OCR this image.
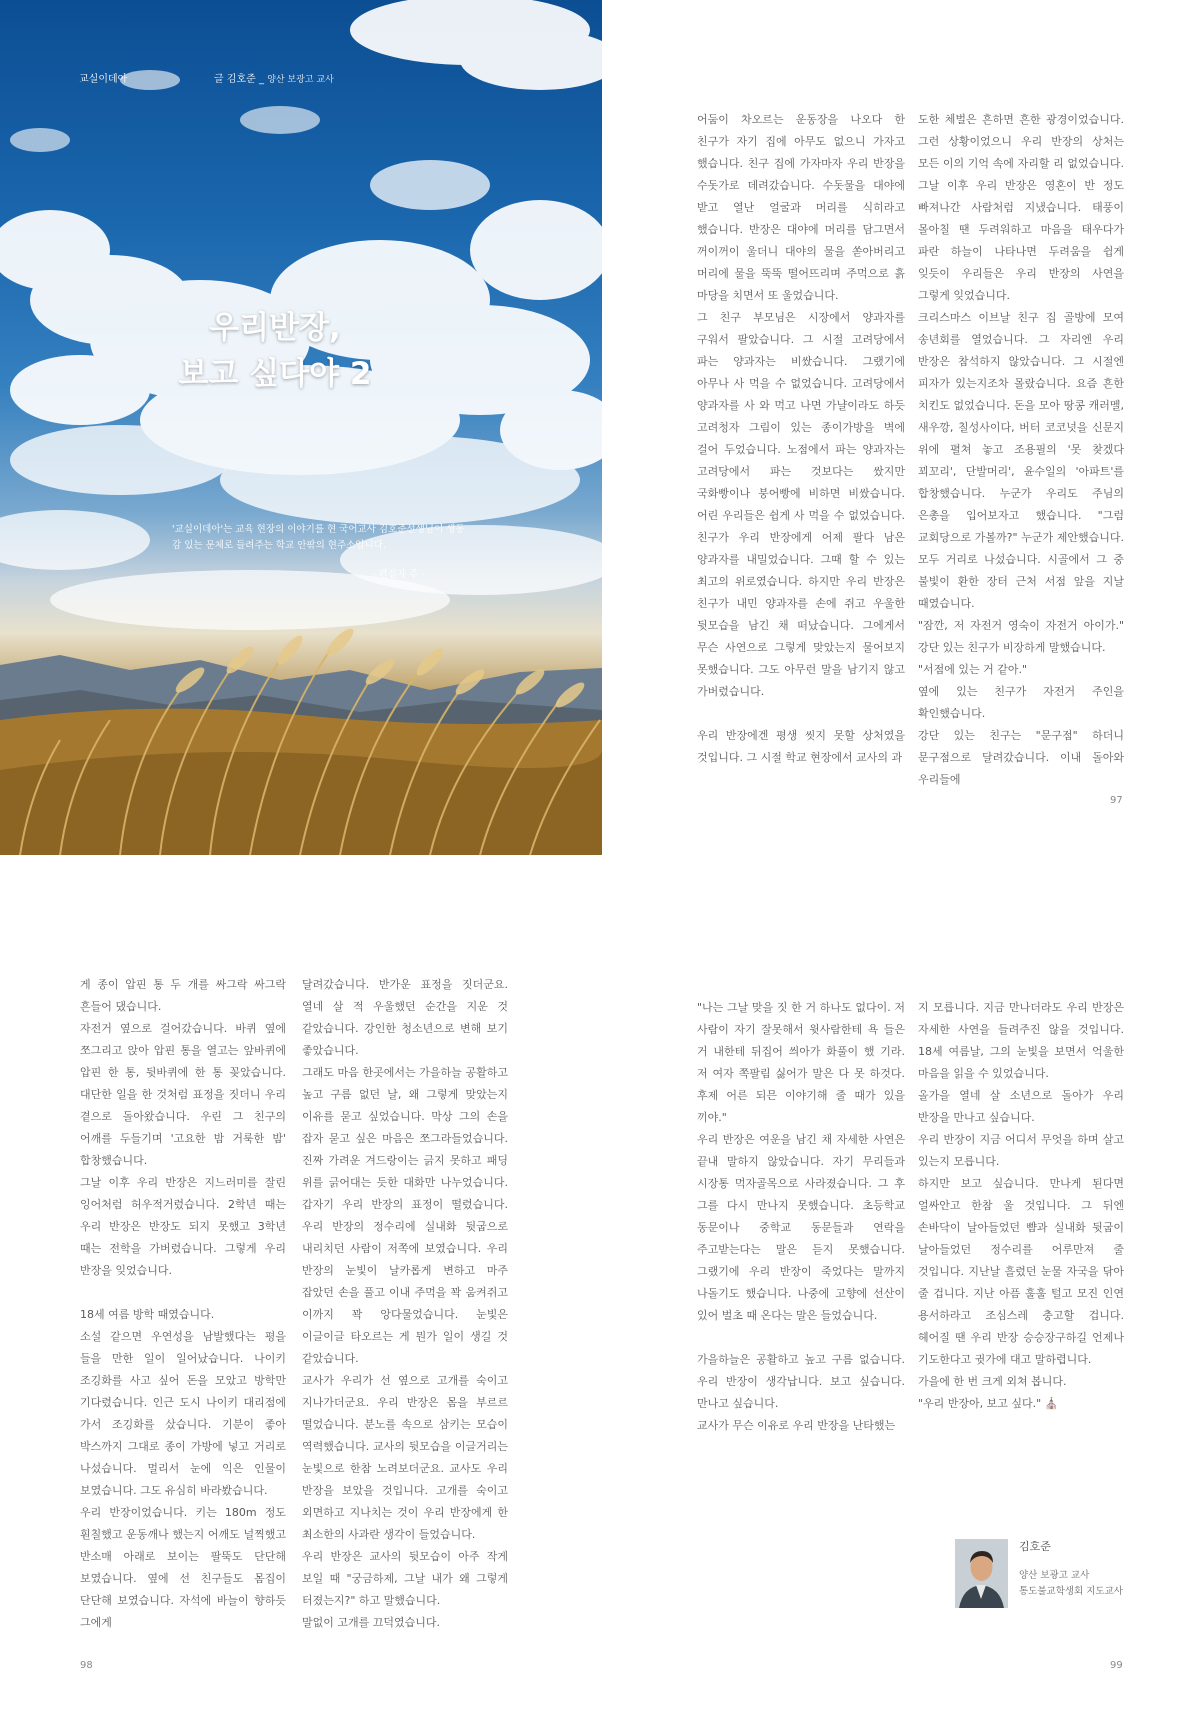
교실이데아	글 김호준 _ 양산 보광고 교사
우리반장,
보고 싶다야 2
'교실이데아'는 교육 현장의 이야기를 현 국어교사 김호준선생님이 생동감 있는 문체로 들려주는 학교 안팎의 현주소입니다.
- 편집자 주 -

어둠이 차오르는 운동장을 나오다 한 친구가 자기 집에 아무도 없으니 가자고 했습니다. 친구 집에 가자마자 우리 반장을 수돗가로 데려갔습니다. 수돗물을 대야에 받고 열난 얼굴과 머리를 식히라고 했습니다. 반장은 대야에 머리를 담그면서 꺼이꺼이 울더니 대야의 물을 쏟아버리고 머리에 물을 뚝뚝 떨어뜨리며 주먹으로 흙 마당을 치면서 또 울었습니다.

그 친구 부모님은 시장에서 양과자를 구워서 팔았습니다. 그 시절 고려당에서 파는 양과자는 비쌌습니다. 그랬기에 아무나 사 먹을 수 없었습니다. 고려당에서 양과자를 사 와 먹고 나면 가냘이라도 하듯 고려청자 그림이 있는 종이가방을 벽에 걸어 두었습니다. 노점에서 파는 양과자는 고려당에서 파는 것보다는 쌌지만 국화빵이나 붕어빵에 비하면 비쌌습니다. 어린 우리들은 쉽게 사 먹을 수 없었습니다. 친구가 우리 반장에게 어제 팔다 남은 양과자를 내밀었습니다. 그때 할 수 있는 최고의 위로였습니다. 하지만 우리 반장은 친구가 내민 양과자를 손에 쥐고 우울한 뒷모습을 남긴 채 떠났습니다. 그에게서 무슨 사연으로 그렇게 맞았는지 물어보지 못했습니다. 그도 아무런 말을 남기지 않고 가버렸습니다.

우리 반장에겐 평생 씻지 못할 상처였을 것입니다. 그 시절 학교 현장에서 교사의 과

도한 체벌은 흔하면 흔한 광경이었습니다. 그런 상황이었으니 우리 반장의 상처는 모든 이의 기억 속에 자리할 리 없었습니다. 그날 이후 우리 반장은 영혼이 반 정도 빠져나간 사람처럼 지냈습니다. 태풍이 몰아칠 땐 두려워하고 마음을 태우다가 파란 하늘이 나타나면 두려움을 쉽게 잊듯이 우리들은 우리 반장의 사연을 그렇게 잊었습니다.

크리스마스 이브날 친구 집 골방에 모여 송년회를 열었습니다. 그 자리엔 우리 반장은 참석하지 않았습니다. 그 시절엔 피자가 있는지조차 몰랐습니다. 요즘 흔한 치킨도 없었습니다. 돈을 모아 땅콩 캐러멜, 새우깡, 칠성사이다, 버터 코코넛을 신문지 위에 펼쳐 놓고 조용필의 '못 찾겠다 꾀꼬리', 단발머리', 윤수일의 '아파트'를 합창했습니다. 누군가 우리도 주님의 은총을 입어보자고 했습니다. "그럼 교회당으로 가볼까?" 누군가 제안했습니다. 모두 거리로 나섰습니다. 시골에서 그 중 불빛이 환한 장터 근처 서점 앞을 지날 때였습니다.

"잠깐, 저 자전거 영숙이 자전거 아이가." 강단 있는 친구가 비장하게 말했습니다.

"서점에 있는 거 같아."

옆에 있는 친구가 자전거 주인을 확인했습니다.

강단 있는 친구는 "문구점" 하더니 문구점으로 달려갔습니다. 이내 돌아와 우리들에

97

게 종이 압핀 통 두 개를 싸그락 싸그락 흔들어 댔습니다.

자전거 옆으로 걸어갔습니다. 바퀴 옆에 쪼그리고 앉아 압핀 통을 열고는 앞바퀴에 압핀 한 통, 뒷바퀴에 한 통 꽂았습니다. 대단한 일을 한 것처럼 표정을 짓더니 우리 곁으로 돌아왔습니다. 우린 그 친구의 어깨를 두들기며 '고요한 밤 거룩한 밤' 합창했습니다.

그날 이후 우리 반장은 지느러미를 잘린 잉어처럼 허우적거렸습니다. 2학년 때는 우리 반장은 반장도 되지 못했고 3학년 때는 전학을 가버렸습니다. 그렇게 우리 반장을 잊었습니다.

18세 여름 방학 때였습니다.

소설 같으면 우연성을 남발했다는 평을 들을 만한 일이 일어났습니다. 나이키 조깅화를 사고 싶어 돈을 모았고 방학만 기다렸습니다. 인근 도시 나이키 대리점에 가서 조깅화를 샀습니다. 기분이 좋아 박스까지 그대로 종이 가방에 넣고 거리로 나섰습니다. 멀리서 눈에 익은 인물이 보였습니다. 그도 유심히 바라봤습니다.

우리 반장이었습니다. 키는 180m 정도 훤칠했고 운동깨나 했는지 어깨도 널찍했고 반소매 아래로 보이는 팔뚝도 단단해 보였습니다. 옆에 선 친구들도 몸집이 단단해 보였습니다. 자석에 바늘이 향하듯 그에게

달려갔습니다. 반가운 표정을 짓더군요. 열네 살 적 우울했던 순간을 지운 것 같았습니다. 강인한 청소년으로 변해 보기 좋았습니다.

그래도 마음 한곳에서는 가을하늘 공활하고 높고 구름 없던 날, 왜 그렇게 맞았는지 이유를 묻고 싶었습니다. 막상 그의 손을 잡자 묻고 싶은 마음은 쪼그라들었습니다. 진짜 가려운 겨드랑이는 긁지 못하고 패딩 위를 긁어대는 듯한 대화만 나누었습니다. 갑자기 우리 반장의 표정이 떨렸습니다. 우리 반장의 정수리에 실내화 뒷굽으로 내리치던 사람이 저쪽에 보였습니다. 우리 반장의 눈빛이 날카롭게 변하고 마주 잡았던 손을 풀고 이내 주먹을 꽉 움켜쥐고 이까지 꽉 앙다물었습니다. 눈빛은 이글이글 타오르는 게 뭔가 일이 생길 것 같았습니다.

교사가 우리가 선 옆으로 고개를 숙이고 지나가더군요. 우리 반장은 몸을 부르르 떨었습니다. 분노를 속으로 삼키는 모습이 역력했습니다. 교사의 뒷모습을 이글거리는 눈빛으로 한참 노려보더군요. 교사도 우리 반장을 보았을 것입니다. 고개를 숙이고 외면하고 지나치는 것이 우리 반장에게 한 최소한의 사과란 생각이 들었습니다.

우리 반장은 교사의 뒷모습이 아주 작게 보일 때 "궁금하제, 그날 내가 왜 그렇게 터졌는지?" 하고 말했습니다.

말없이 고개를 끄덕였습니다.

98

"나는 그날 맞을 짓 한 거 하나도 없다이. 저 사람이 자기 잘못해서 윗사람한테 욕 들은 거 내한테 뒤집어 씌아가 화풀이 했 기라. 저 여자 쪽팔림 싫어가 말은 다 못 하것다. 후제 어른 되믄 이야기해 줄 때가 있을 끼야."

우리 반장은 여운을 남긴 채 자세한 사연은 끝내 말하지 않았습니다. 자기 무리들과 시장통 먹자골목으로 사라졌습니다. 그 후 그를 다시 만나지 못했습니다. 초등학교 동문이나 중학교 동문들과 연락을 주고받는다는 말은 듣지 못했습니다. 그랬기에 우리 반장이 죽었다는 말까지 나돌기도 했습니다. 나중에 고향에 선산이 있어 벌초 때 온다는 말은 들었습니다.

가을하늘은 공활하고 높고 구름 없습니다. 우리 반장이 생각납니다. 보고 싶습니다. 만나고 싶습니다.

교사가 무슨 이유로 우리 반장을 난타했는

지 모릅니다. 지금 만나더라도 우리 반장은 자세한 사연을 들려주진 않을 것입니다. 18세 여름날, 그의 눈빛을 보면서 억울한 마음을 읽을 수 있었습니다.

올가을 열네 살 소년으로 돌아가 우리 반장을 만나고 싶습니다.

우리 반장이 지금 어디서 무엇을 하며 살고 있는지 모릅니다.

하지만 보고 싶습니다. 만나게 된다면 얼싸안고 한참 울 것입니다. 그 뒤엔 손바닥이 날아들었던 뺨과 실내화 뒷굽이 날아들었던 정수리를 어루만져 줄 것입니다. 지난날 흘렸던 눈물 자국을 닦아 줄 겁니다. 지난 아픔 훌훌 털고 모진 인연 용서하라고 조심스레 충고할 겁니다. 헤어질 땐 우리 반장 승승장구하길 언제나 기도한다고 귓가에 대고 말하렵니다.

가을에 한 번 크게 외쳐 봅니다.

"우리 반장아, 보고 싶다." ⛪

김호준
양산 보광고 교사
통도불교학생회 지도교사
99
